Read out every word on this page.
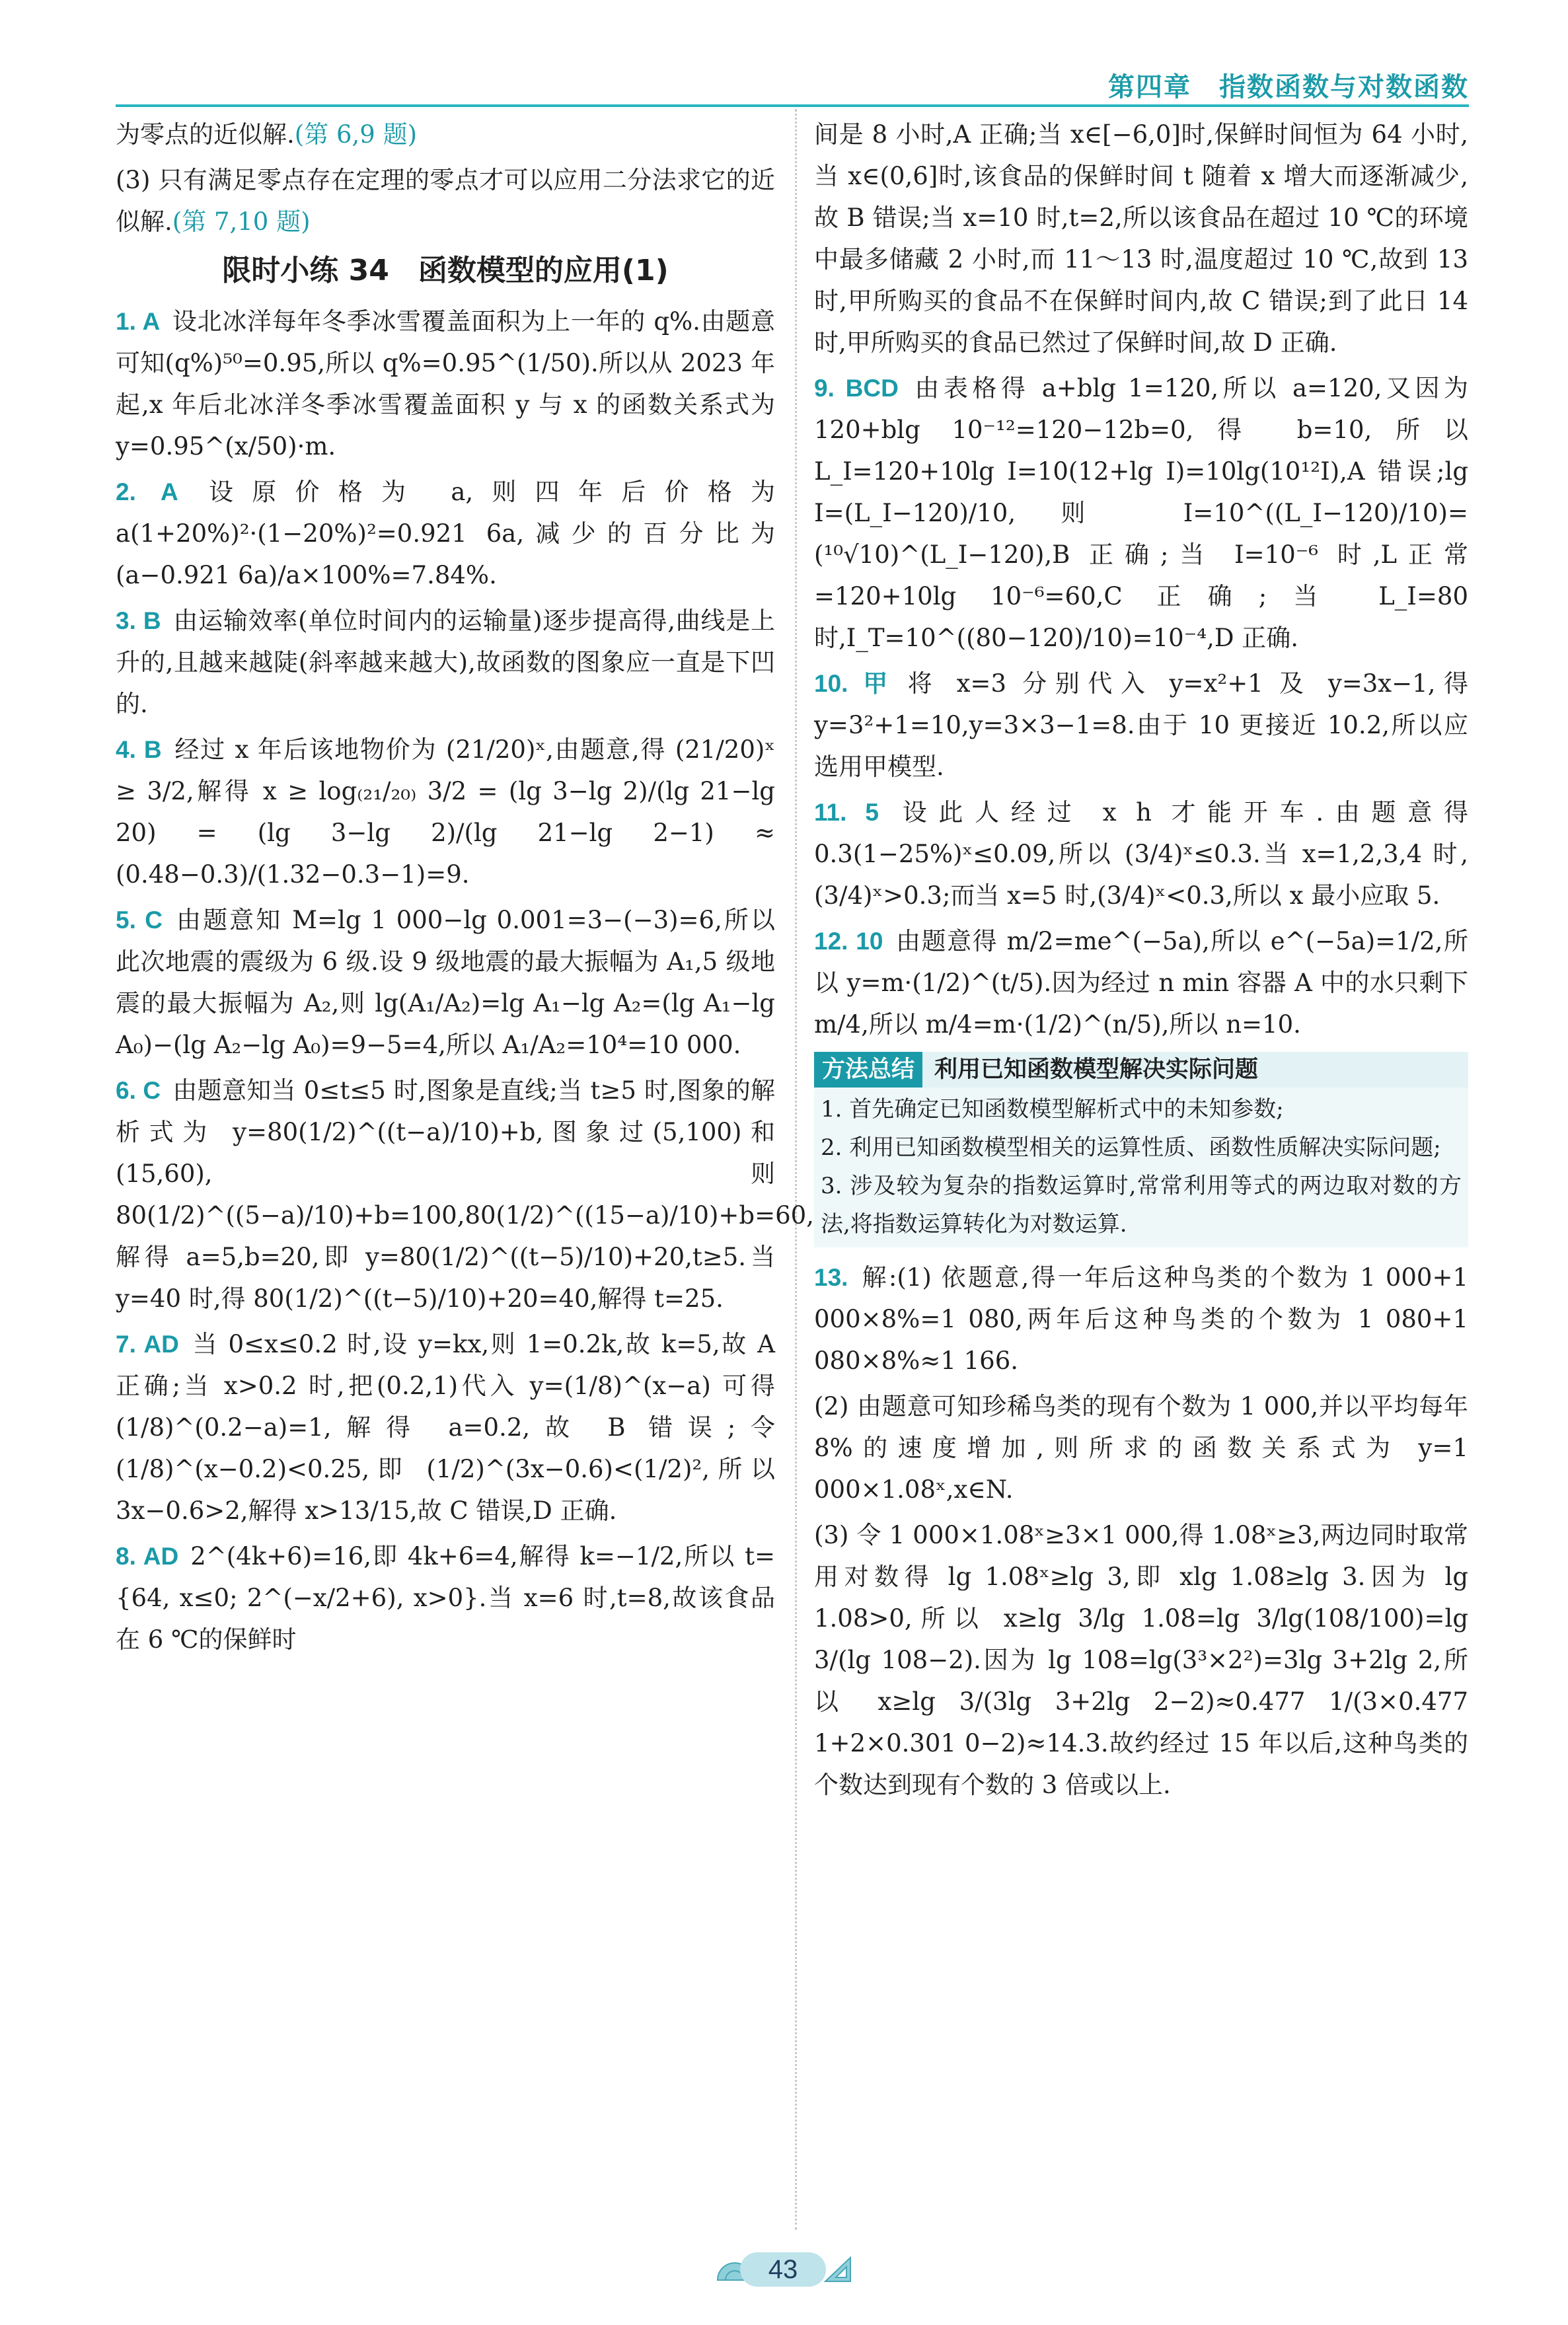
第四章　指数函数与对数函数

为零点的近似解.(第 6,9 题)

(3) 只有满足零点存在定理的零点才可以应用二分法求它的近似解.(第 7,10 题)

限时小练 34　函数模型的应用(1)

1. A 设北冰洋每年冬季冰雪覆盖面积为上一年的 q%.由题意可知(q%)⁵⁰=0.95,所以 q%=0.95^(1/50).所以从 2023 年起,x 年后北冰洋冬季冰雪覆盖面积 y 与 x 的函数关系式为 y=0.95^(x/50)·m.

2. A 设原价格为 a,则四年后价格为 a(1+20%)²·(1−20%)²=0.921 6a,减少的百分比为 (a−0.921 6a)/a×100%=7.84%.

3. B 由运输效率(单位时间内的运输量)逐步提高得,曲线是上升的,且越来越陡(斜率越来越大),故函数的图象应一直是下凹的.

4. B 经过 x 年后该地物价为 (21/20)ˣ,由题意,得 (21/20)ˣ ≥ 3/2,解得 x ≥ log₍₂₁/₂₀₎ 3/2 = (lg 3−lg 2)/(lg 21−lg 20) = (lg 3−lg 2)/(lg 21−lg 2−1) ≈ (0.48−0.3)/(1.32−0.3−1)=9.

5. C 由题意知 M=lg 1 000−lg 0.001=3−(−3)=6,所以此次地震的震级为 6 级.设 9 级地震的最大振幅为 A₁,5 级地震的最大振幅为 A₂,则 lg(A₁/A₂)=lg A₁−lg A₂=(lg A₁−lg A₀)−(lg A₂−lg A₀)=9−5=4,所以 A₁/A₂=10⁴=10 000.

6. C 由题意知当 0≤t≤5 时,图象是直线;当 t≥5 时,图象的解析式为 y=80(1/2)^((t−a)/10)+b,图象过(5,100)和(15,60),则 80(1/2)^((5−a)/10)+b=100,80(1/2)^((15−a)/10)+b=60,解得 a=5,b=20,即 y=80(1/2)^((t−5)/10)+20,t≥5.当 y=40 时,得 80(1/2)^((t−5)/10)+20=40,解得 t=25.

7. AD 当 0≤x≤0.2 时,设 y=kx,则 1=0.2k,故 k=5,故 A 正确;当 x>0.2 时,把(0.2,1)代入 y=(1/8)^(x−a) 可得 (1/8)^(0.2−a)=1,解得 a=0.2,故 B 错误;令 (1/8)^(x−0.2)<0.25,即 (1/2)^(3x−0.6)<(1/2)²,所以 3x−0.6>2,解得 x>13/15,故 C 错误,D 正确.

8. AD 2^(4k+6)=16,即 4k+6=4,解得 k=−1/2,所以 t={64, x≤0; 2^(−x/2+6), x>0}.当 x=6 时,t=8,故该食品在 6 ℃的保鲜时

间是 8 小时,A 正确;当 x∈[−6,0]时,保鲜时间恒为 64 小时,当 x∈(0,6]时,该食品的保鲜时间 t 随着 x 增大而逐渐减少,故 B 错误;当 x=10 时,t=2,所以该食品在超过 10 ℃的环境中最多储藏 2 小时,而 11～13 时,温度超过 10 ℃,故到 13 时,甲所购买的食品不在保鲜时间内,故 C 错误;到了此日 14 时,甲所购买的食品已然过了保鲜时间,故 D 正确.

9. BCD 由表格得 a+blg 1=120,所以 a=120,又因为 120+blg 10⁻¹²=120−12b=0,得 b=10,所以 L_I=120+10lg I=10(12+lg I)=10lg(10¹²I),A 错误;lg I=(L_I−120)/10,则 I=10^((L_I−120)/10)=(¹⁰√10)^(L_I−120),B 正确;当 I=10⁻⁶ 时,L正常=120+10lg 10⁻⁶=60,C 正确;当 L_I=80 时,I_T=10^((80−120)/10)=10⁻⁴,D 正确.

10. 甲 将 x=3 分别代入 y=x²+1 及 y=3x−1,得 y=3²+1=10,y=3×3−1=8.由于 10 更接近 10.2,所以应选用甲模型.

11. 5 设此人经过 x h 才能开车.由题意得 0.3(1−25%)ˣ≤0.09,所以 (3/4)ˣ≤0.3.当 x=1,2,3,4 时,(3/4)ˣ>0.3;而当 x=5 时,(3/4)ˣ<0.3,所以 x 最小应取 5.

12. 10 由题意得 m/2=me^(−5a),所以 e^(−5a)=1/2,所以 y=m·(1/2)^(t/5).因为经过 n min 容器 A 中的水只剩下 m/4,所以 m/4=m·(1/2)^(n/5),所以 n=10.

方法总结 利用已知函数模型解决实际问题
1. 首先确定已知函数模型解析式中的未知参数;
2. 利用已知函数模型相关的运算性质、函数性质解决实际问题;
3. 涉及较为复杂的指数运算时,常常利用等式的两边取对数的方法,将指数运算转化为对数运算.

13. 解:(1) 依题意,得一年后这种鸟类的个数为 1 000+1 000×8%=1 080,两年后这种鸟类的个数为 1 080+1 080×8%≈1 166.

(2) 由题意可知珍稀鸟类的现有个数为 1 000,并以平均每年 8%的速度增加,则所求的函数关系式为 y=1 000×1.08ˣ,x∈N.

(3) 令 1 000×1.08ˣ≥3×1 000,得 1.08ˣ≥3,两边同时取常用对数得 lg 1.08ˣ≥lg 3,即 xlg 1.08≥lg 3.因为 lg 1.08>0,所以 x≥lg 3/lg 1.08=lg 3/lg(108/100)=lg 3/(lg 108−2).因为 lg 108=lg(3³×2²)=3lg 3+2lg 2,所以 x≥lg 3/(3lg 3+2lg 2−2)≈0.477 1/(3×0.477 1+2×0.301 0−2)≈14.3.故约经过 15 年以后,这种鸟类的个数达到现有个数的 3 倍或以上.

43
